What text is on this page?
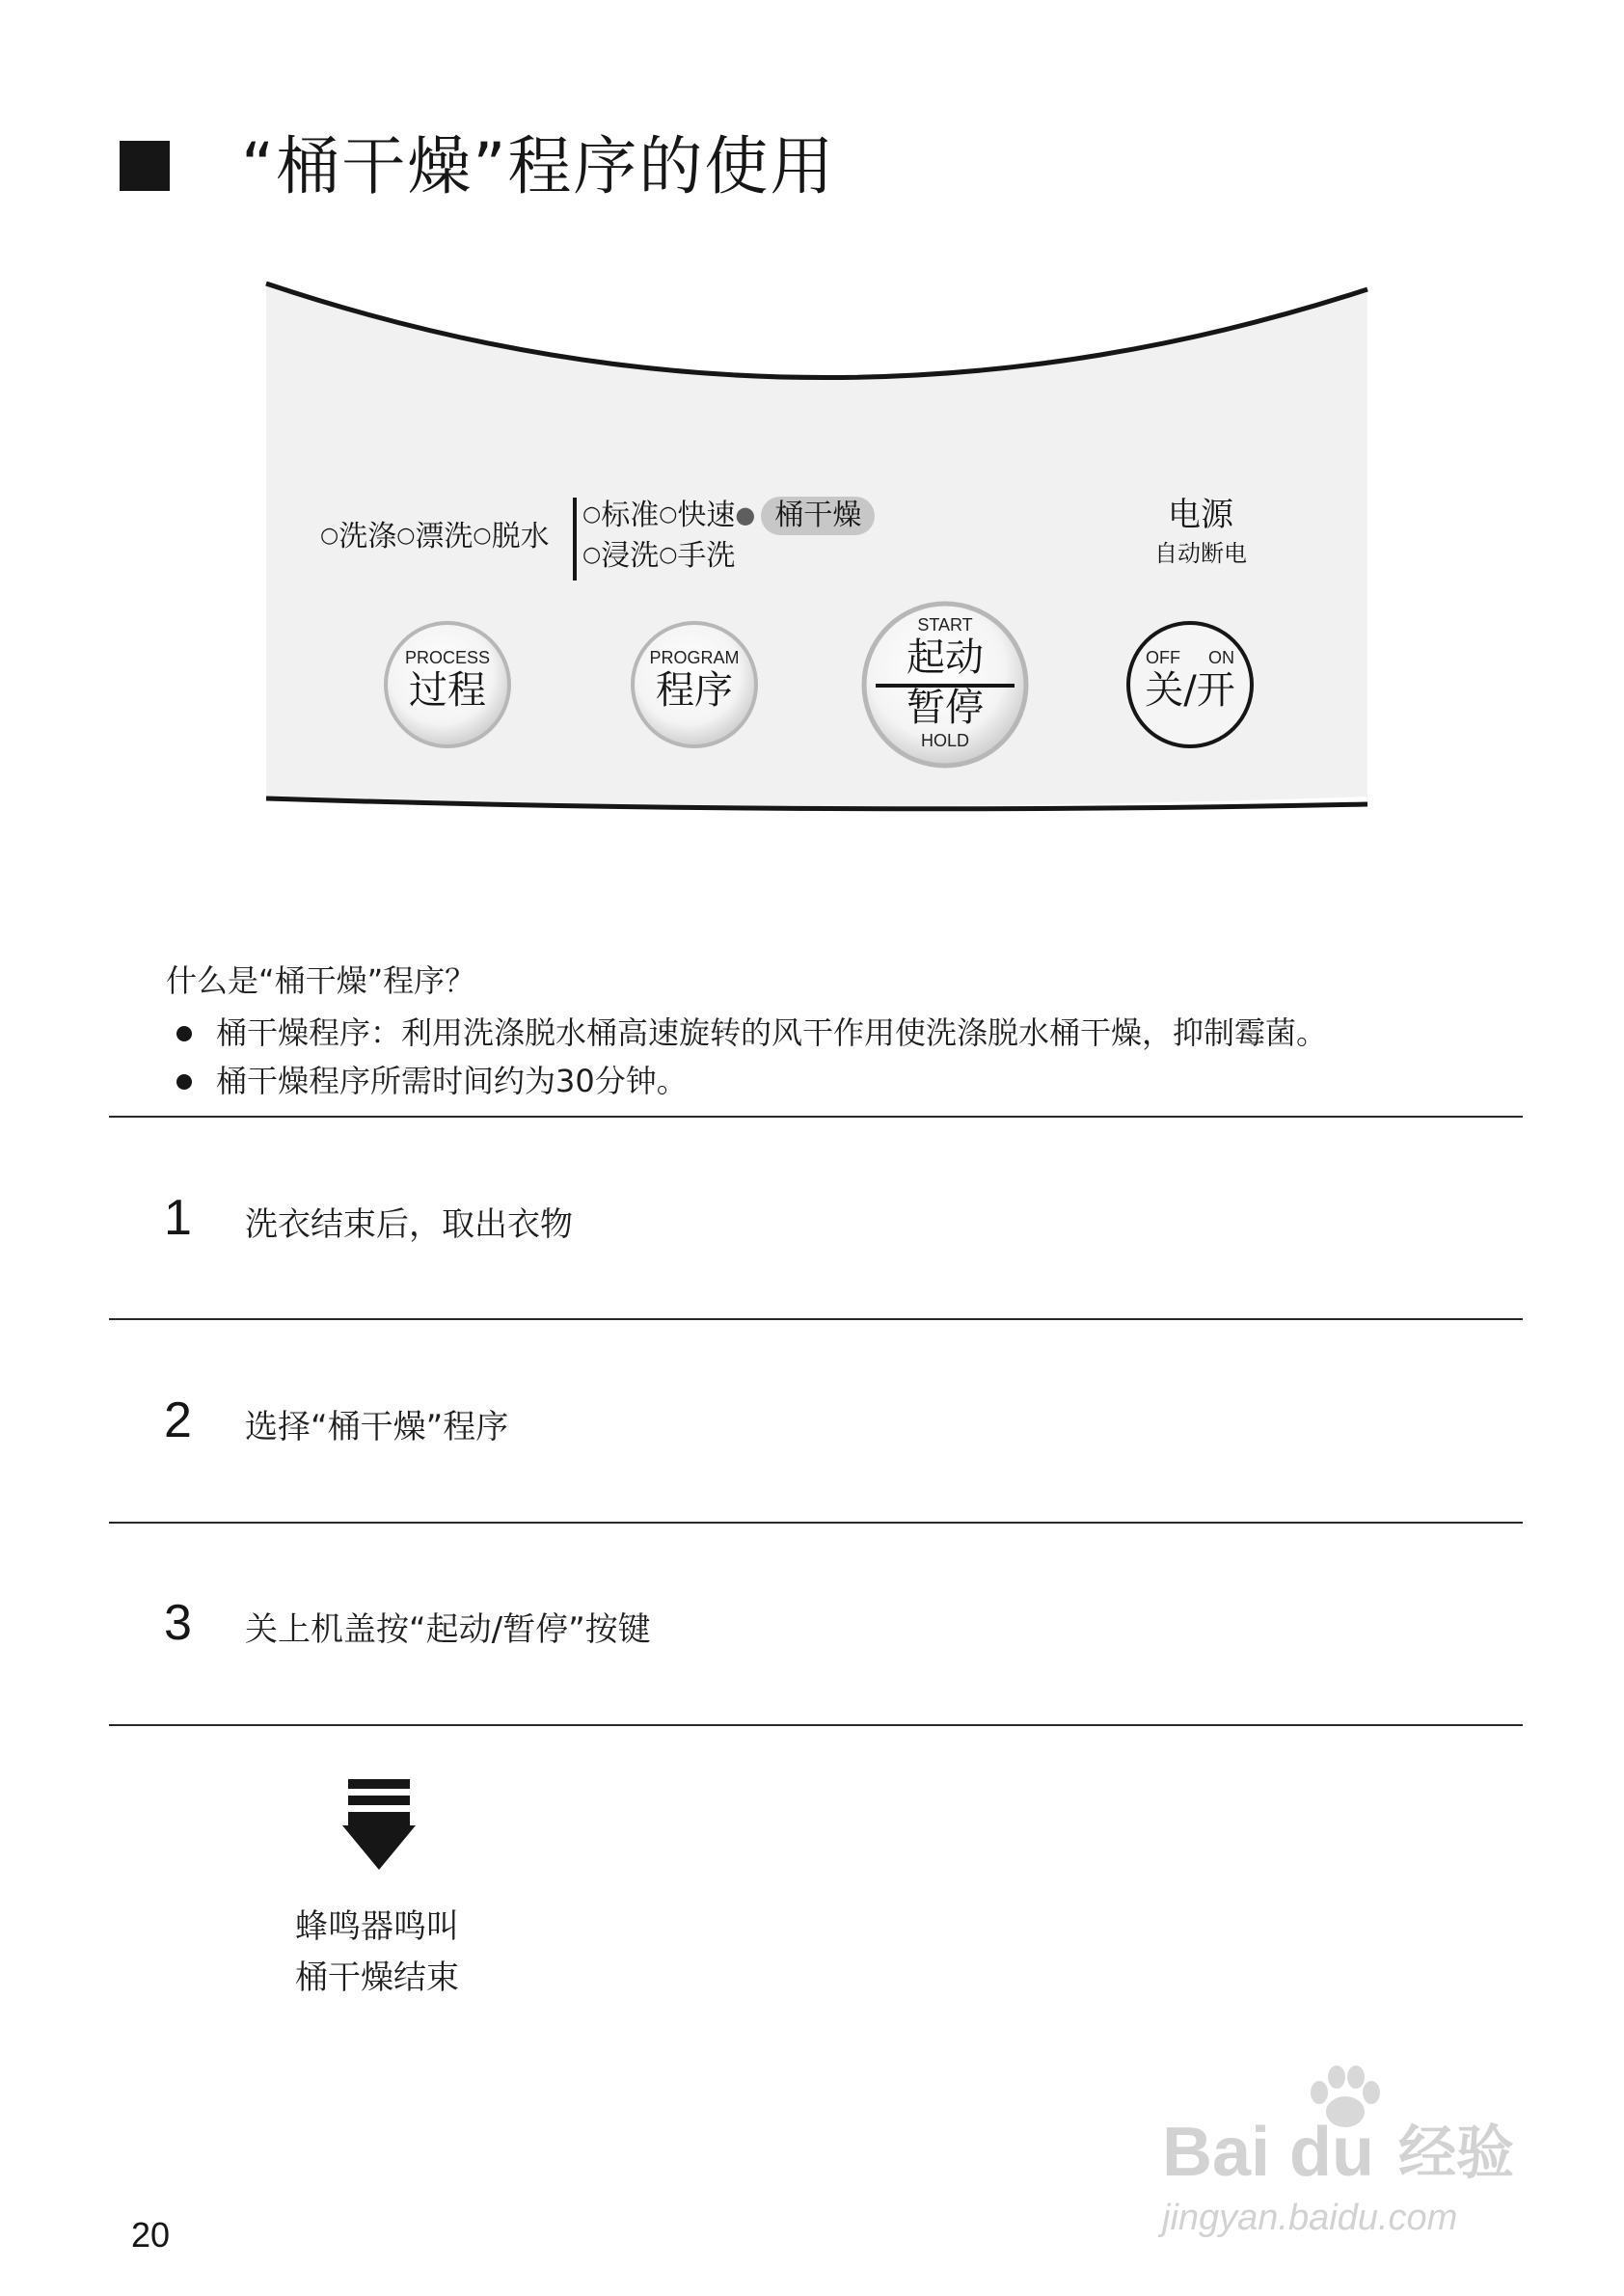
“桶干燥”程序的使用
○洗涤○漂洗○脱水
○标准○快速● 桶干燥
○浸洗○手洗
电源
自动断电
PROCESS
过程
PROGRAM
程序
START
起动
暂停
HOLD
OFF ON
关/开
什么是“桶干燥”程序？
桶干燥程序：利用洗涤脱水桶高速旋转的风干作用使洗涤脱水桶干燥，抑制霉菌。
桶干燥程序所需时间约为30分钟。
1 洗衣结束后，取出衣物
2 选择“桶干燥”程序
3 关上机盖按“起动/暂停”按键
蜂鸣器鸣叫
桶干燥结束
20
Bai du 经验
jingyan.baidu.com
